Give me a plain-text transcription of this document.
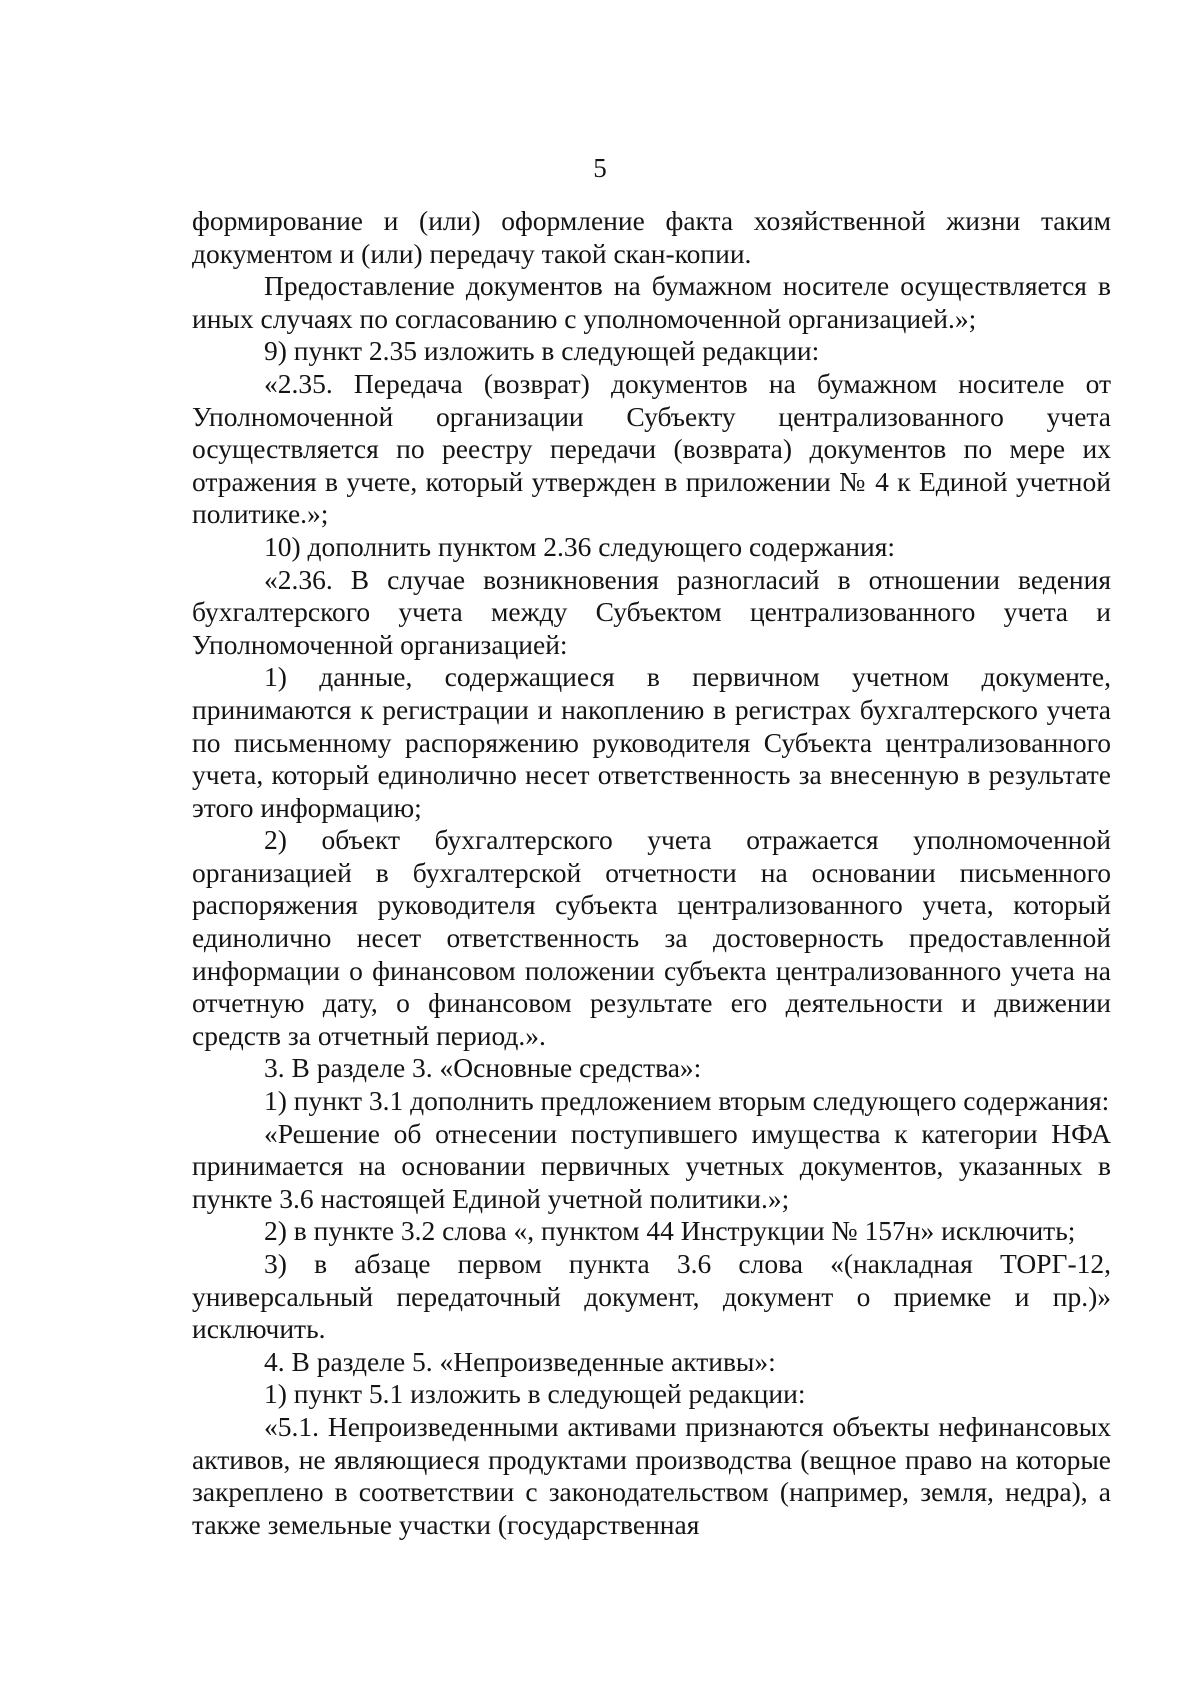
5

формирование и (или) оформление факта хозяйственной жизни таким документом и (или) передачу такой скан-копии.

Предоставление документов на бумажном носителе осуществляется в иных случаях по согласованию с уполномоченной организацией.»;

9) пункт 2.35 изложить в следующей редакции:

«2.35. Передача (возврат) документов на бумажном носителе от Уполномоченной организации Субъекту централизованного учета осуществляется по реестру передачи (возврата) документов по мере их отражения в учете, который утвержден в приложении № 4 к Единой учетной политике.»;

10) дополнить пунктом 2.36 следующего содержания:

«2.36. В случае возникновения разногласий в отношении ведения бухгалтерского учета между Субъектом централизованного учета и Уполномоченной организацией:

1) данные, содержащиеся в первичном учетном документе, принимаются к регистрации и накоплению в регистрах бухгалтерского учета по письменному распоряжению руководителя Субъекта централизованного учета, который единолично несет ответственность за внесенную в результате этого информацию;

2) объект бухгалтерского учета отражается уполномоченной организацией в бухгалтерской отчетности на основании письменного распоряжения руководителя субъекта централизованного учета, который единолично несет ответственность за достоверность предоставленной информации о финансовом положении субъекта централизованного учета на отчетную дату, о финансовом результате его деятельности и движении средств за отчетный период.».

3. В разделе 3. «Основные средства»:

1) пункт 3.1 дополнить предложением вторым следующего содержания:

«Решение об отнесении поступившего имущества к категории НФА принимается на основании первичных учетных документов, указанных в пункте 3.6 настоящей Единой учетной политики.»;

2) в пункте 3.2 слова «, пунктом 44 Инструкции № 157н» исключить;

3) в абзаце первом пункта 3.6 слова «(накладная ТОРГ-12, универсальный передаточный документ, документ о приемке и пр.)» исключить.

4. В разделе 5. «Непроизведенные активы»:

1) пункт 5.1 изложить в следующей редакции:

«5.1. Непроизведенными активами признаются объекты нефинансовых активов, не являющиеся продуктами производства (вещное право на которые закреплено в соответствии с законодательством (например, земля, недра), а также земельные участки (государственная
